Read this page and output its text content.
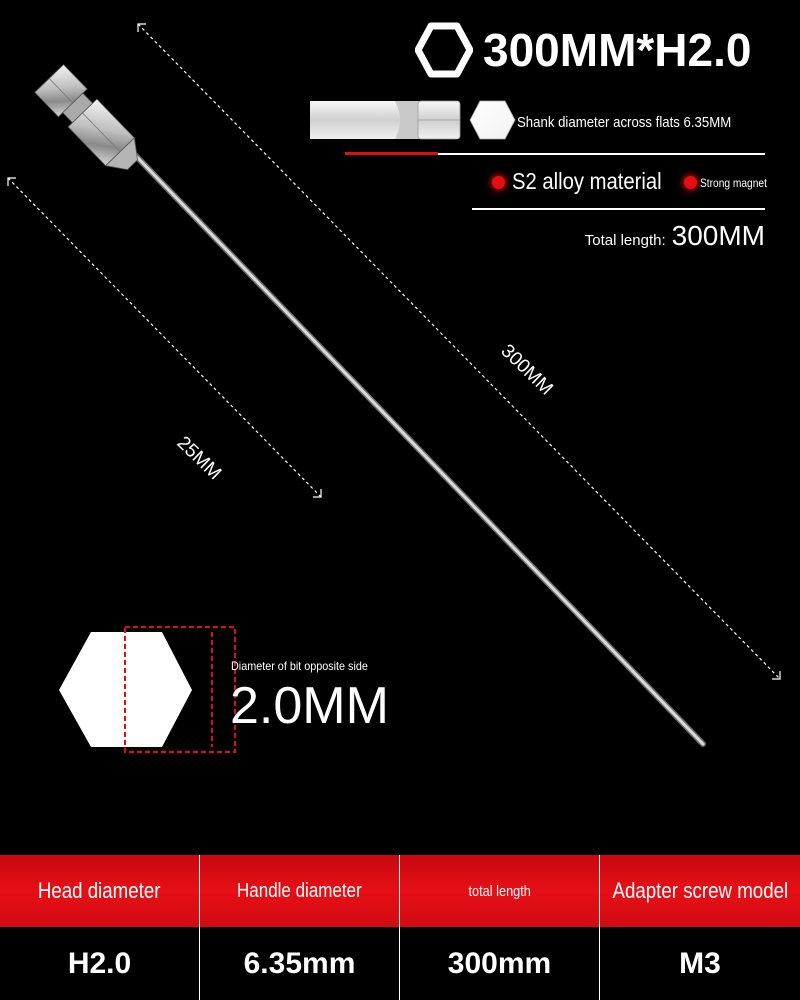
300MM
25MM
300MM*H2.0
Shank diameter across flats 6.35MM
S2 alloy material	Strong magnet
Total length: 300MM
Diameter of bit opposite side
2.0MM
Head diameter	Handle diameter	total length	Adapter screw model
H2.0	6.35mm	300mm	M3
